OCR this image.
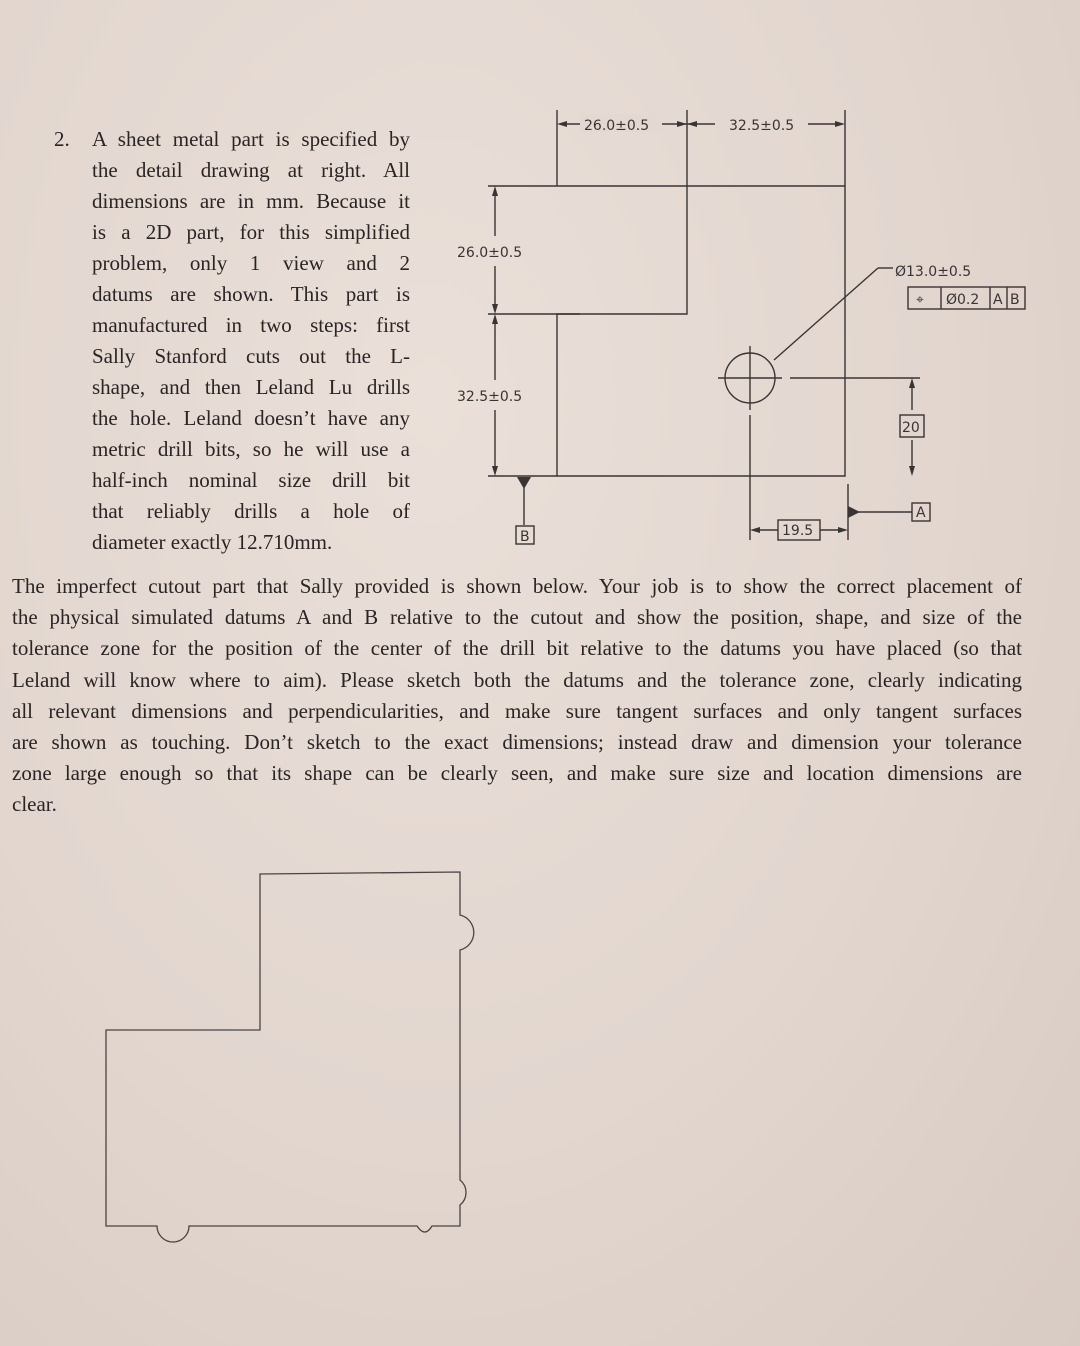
2. A sheet metal part is specified by
the detail drawing at right. All
dimensions are in mm. Because it
is a 2D part, for this simplified
problem, only 1 view and 2
datums are shown. This part is
manufactured in two steps: first
Sally Stanford cuts out the L-
shape, and then Leland Lu drills
the hole. Leland doesn’t have any
metric drill bits, so he will use a
half-inch nominal size drill bit
that reliably drills a hole of
diameter exactly 12.710mm.
26.0±0.5	32.5±0.5
26.0±0.5
32.5±0.5
Ø13.0±0.5
⌖ Ø0.2 A B
20
19.5
A
B
The imperfect cutout part that Sally provided is shown below. Your job is to show the correct placement of
the physical simulated datums A and B relative to the cutout and show the position, shape, and size of the
tolerance zone for the position of the center of the drill bit relative to the datums you have placed (so that
Leland will know where to aim). Please sketch both the datums and the tolerance zone, clearly indicating
all relevant dimensions and perpendicularities, and make sure tangent surfaces and only tangent surfaces
are shown as touching. Don’t sketch to the exact dimensions; instead draw and dimension your tolerance
zone large enough so that its shape can be clearly seen, and make sure size and location dimensions are
clear.
